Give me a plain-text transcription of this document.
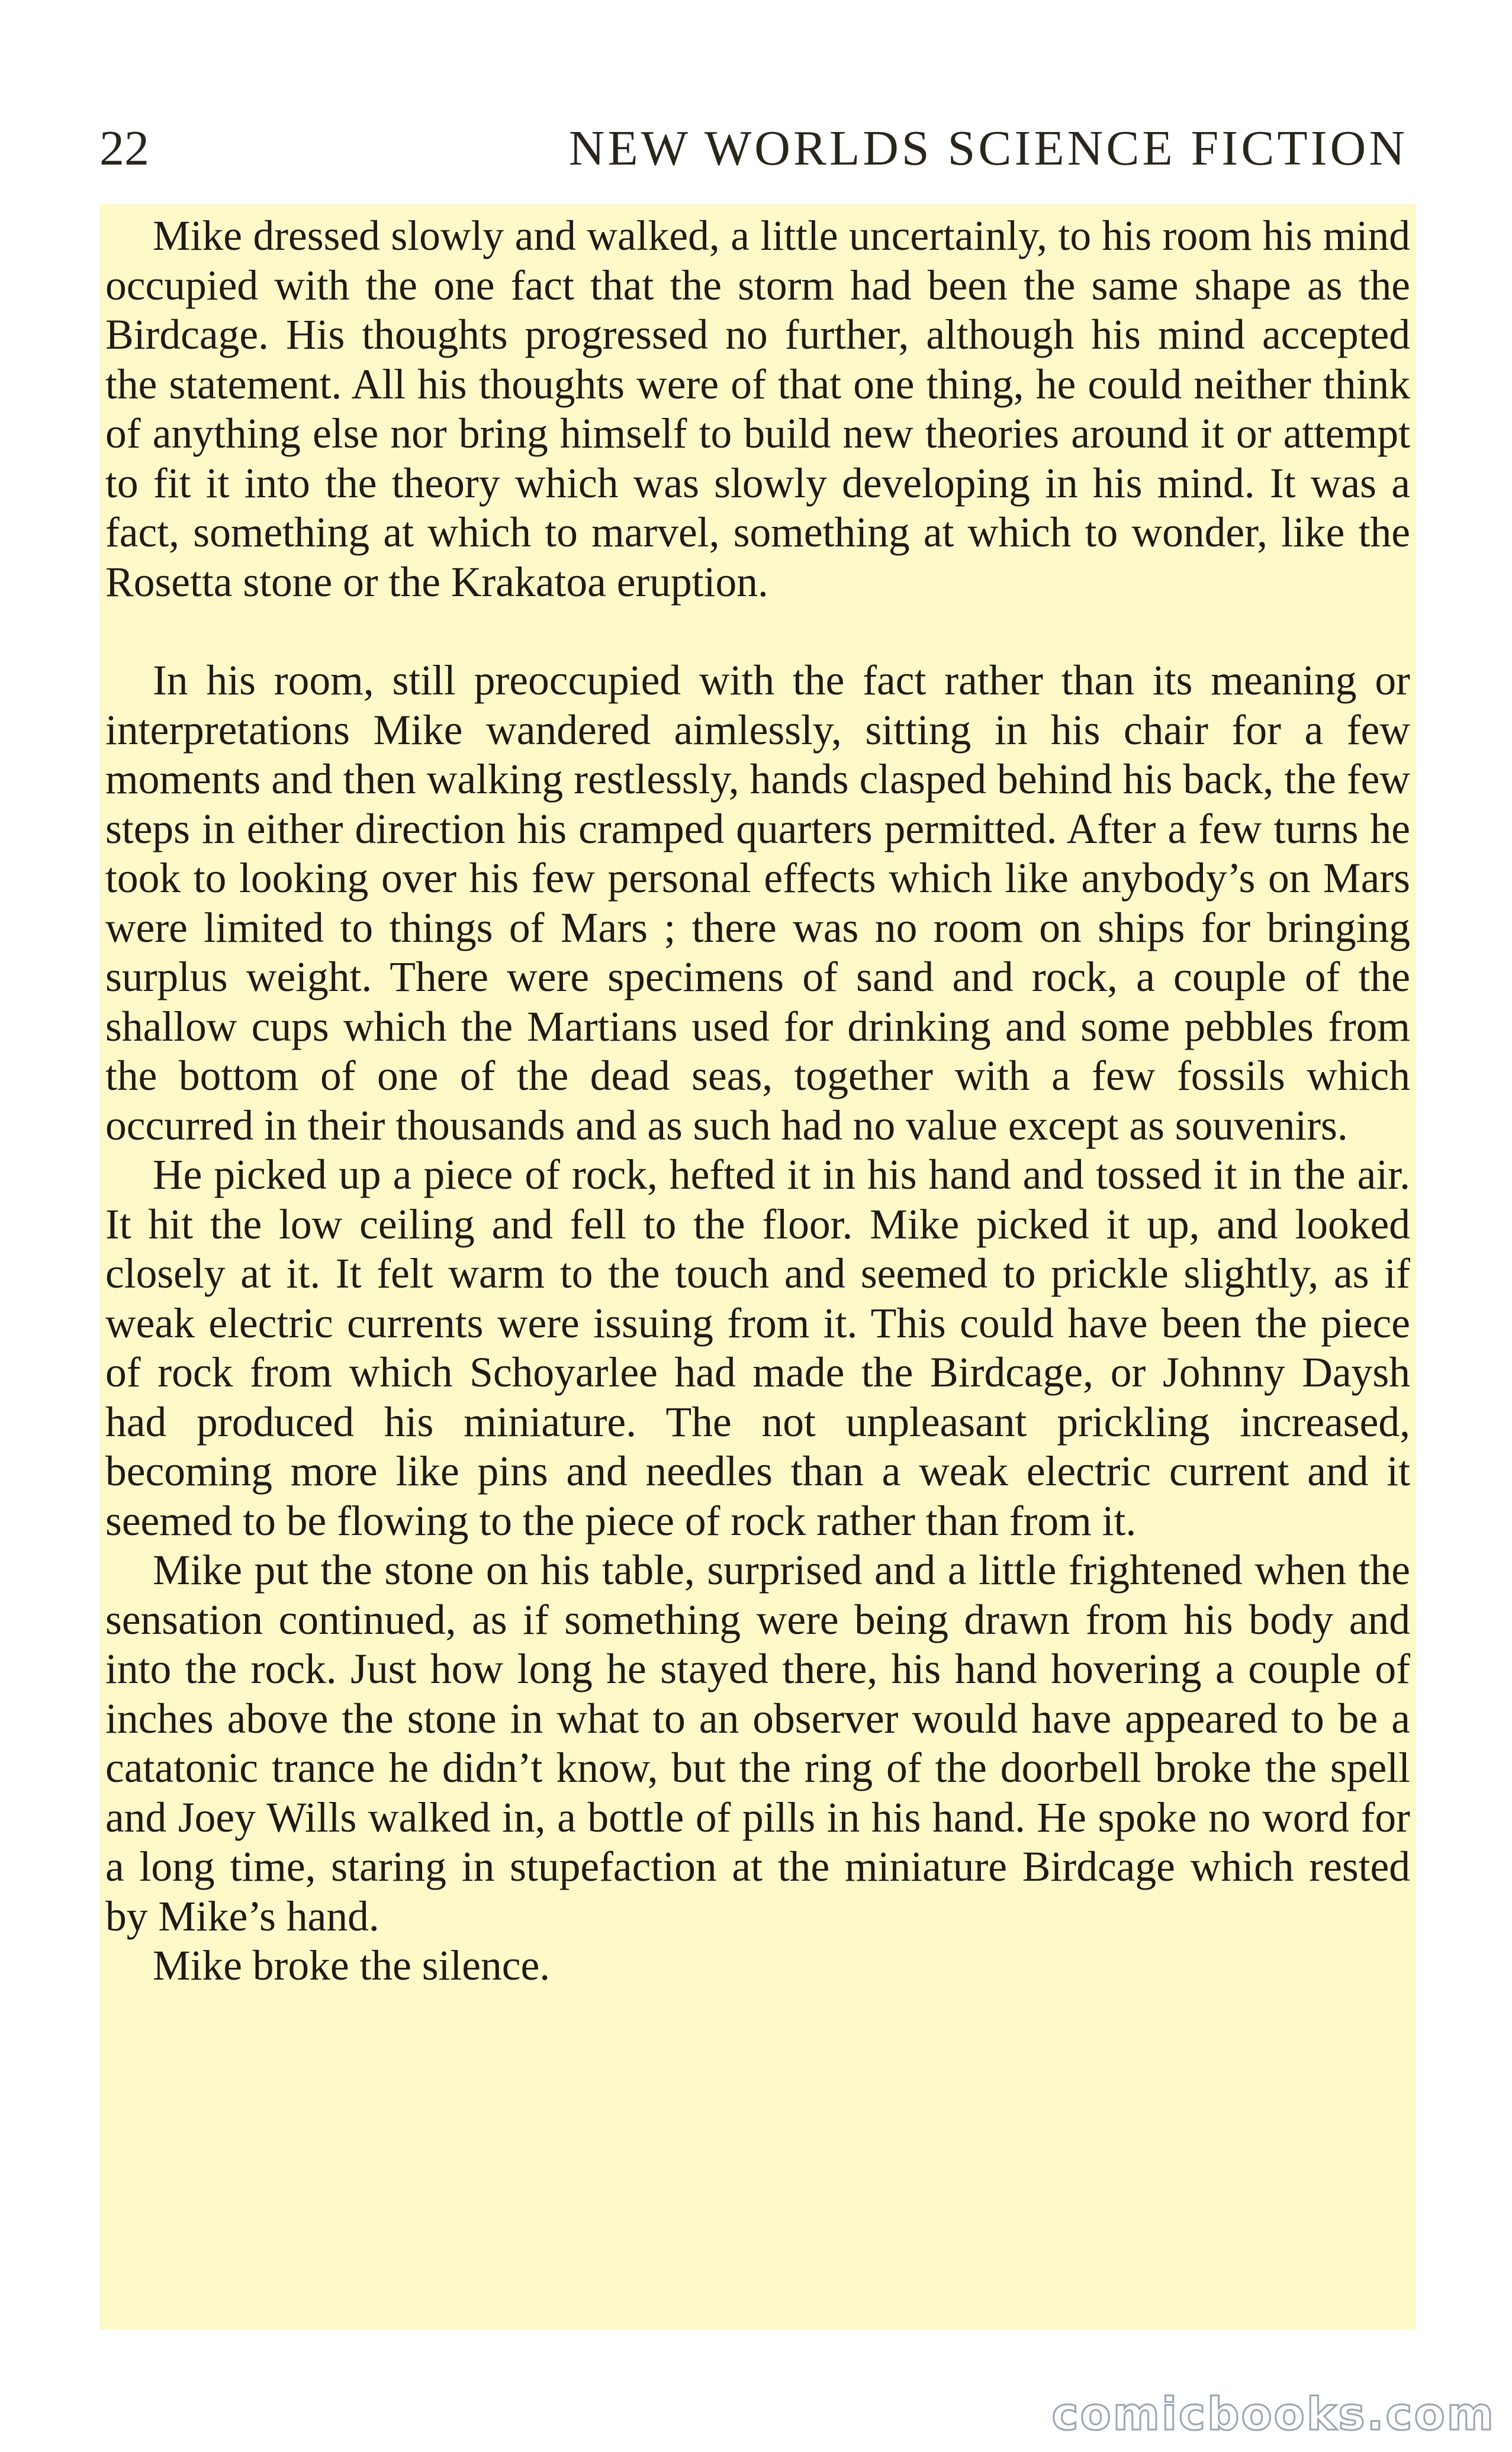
22	NEW WORLDS SCIENCE FICTION

Mike dressed slowly and walked, a little uncertainly, to his room his mind occupied with the one fact that the storm had been the same shape as the Birdcage. His thoughts progressed no further, although his mind accepted the statement. All his thoughts were of that one thing, he could neither think of anything else nor bring himself to build new theories around it or attempt to fit it into the theory which was slowly developing in his mind. It was a fact, something at which to marvel, something at which to wonder, like the Rosetta stone or the Krakatoa eruption.

In his room, still preoccupied with the fact rather than its meaning or interpretations Mike wandered aimlessly, sitting in his chair for a few moments and then walking restlessly, hands clasped behind his back, the few steps in either direction his cramped quarters permitted. After a few turns he took to looking over his few personal effects which like anybody’s on Mars were limited to things of Mars ; there was no room on ships for bringing surplus weight. There were specimens of sand and rock, a couple of the shallow cups which the Martians used for drinking and some pebbles from the bottom of one of the dead seas, together with a few fossils which occurred in their thousands and as such had no value except as souvenirs.

He picked up a piece of rock, hefted it in his hand and tossed it in the air. It hit the low ceiling and fell to the floor. Mike picked it up, and looked closely at it. It felt warm to the touch and seemed to prickle slightly, as if weak electric currents were issuing from it. This could have been the piece of rock from which Schoyarlee had made the Birdcage, or Johnny Daysh had produced his miniature. The not unpleasant prickling increased, becoming more like pins and needles than a weak electric current and it seemed to be flowing to the piece of rock rather than from it.

Mike put the stone on his table, surprised and a little frightened when the sensation continued, as if something were being drawn from his body and into the rock. Just how long he stayed there, his hand hovering a couple of inches above the stone in what to an observer would have appeared to be a catatonic trance he didn’t know, but the ring of the doorbell broke the spell and Joey Wills walked in, a bottle of pills in his hand. He spoke no word for a long time, staring in stupefaction at the miniature Birdcage which rested by Mike’s hand.

Mike broke the silence.

comicbooks.com
